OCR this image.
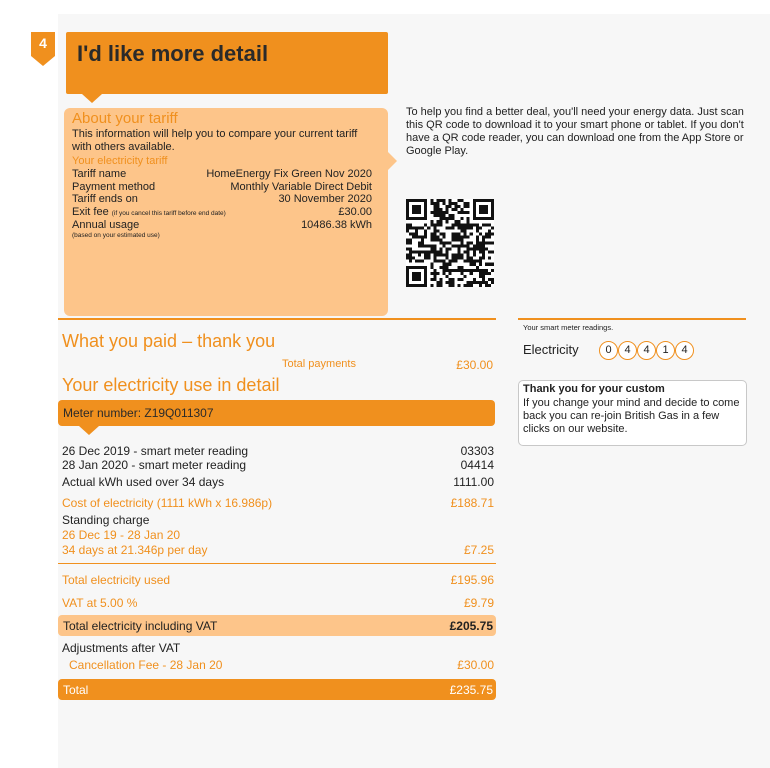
4	I'd like more detail
About your tariff
This information will help you to compare your current tariff with others available.
Your electricity tariff
Tariff name	HomeEnergy Fix Green Nov 2020
Payment method	Monthly Variable Direct Debit
Tariff ends on	30 November 2020
Exit fee (if you cancel this tariff before end date)	£30.00
Annual usage	10486.38 kWh
(based on your estimated use)
To help you find a better deal, you'll need your energy data. Just scan this QR code to download it to your smart phone or tablet. If you don't have a QR code reader, you can download one from the App Store or Google Play.
What you paid – thank you
Total payments	£30.00
Your electricity use in detail
Meter number: Z19Q011307
26 Dec 2019 - smart meter reading	03303
28 Jan 2020 - smart meter reading	04414
Actual kWh used over 34 days	1111.00
Cost of electricity (1111 kWh x 16.986p)	£188.71
Standing charge
26 Dec 19 - 28 Jan 20
34 days at 21.346p per day	£7.25
Total electricity used	£195.96
VAT at 5.00 %	£9.79
Total electricity including VAT	£205.75
Adjustments after VAT
Cancellation Fee - 28 Jan 20	£30.00
Total	£235.75
Your smart meter readings.
Electricity	0	4	4	1	4
Thank you for your custom
If you change your mind and decide to come back you can re-join British Gas in a few clicks on our website.
